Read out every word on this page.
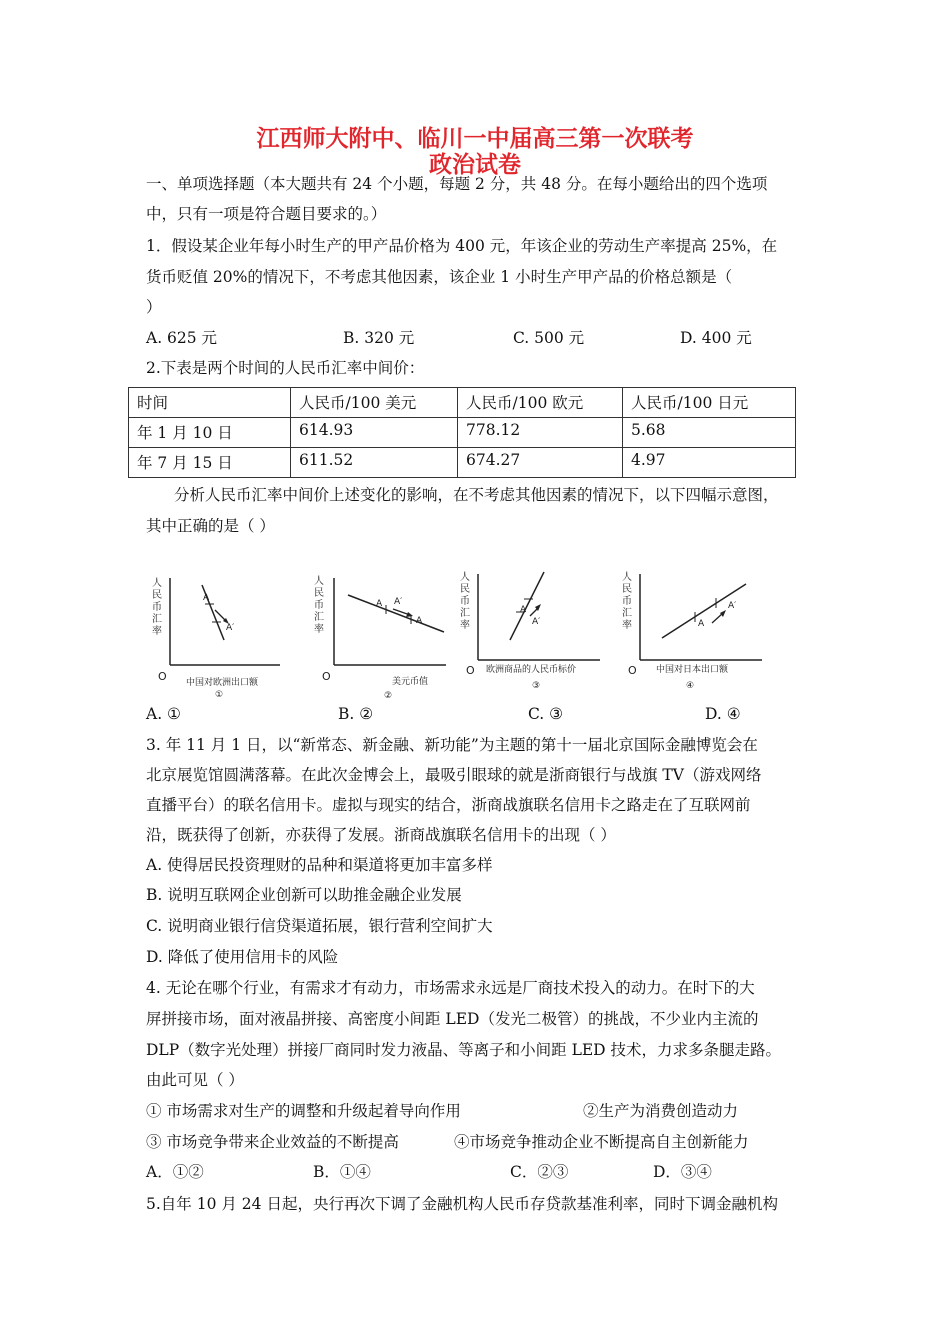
江西师大附中、临川一中届高三第一次联考
政治试卷
一、单项选择题（本大题共有 24 个小题，每题 2 分，共 48 分。在每小题给出的四个选项
中，只有一项是符合题目要求的。）
1．假设某企业年每小时生产的甲产品价格为 400 元，年该企业的劳动生产率提高 25%，在
货币贬值 20%的情况下，不考虑其他因素，该企业 1 小时生产甲产品的价格总额是（
）
A. 625 元	B. 320 元	C. 500 元	D. 400 元
2.下表是两个时间的人民币汇率中间价：
时间	人民币/100 美元	人民币/100 欧元	人民币/100 日元
年 1 月 10 日	614.93	778.12	5.68
年 7 月 15 日	611.52	674.27	4.97
分析人民币汇率中间价上述变化的影响，在不考虑其他因素的情况下，以下四幅示意图，
其中正确的是（ ）
人
民
币
汇
率
O
A
A′
中国对欧洲出口额
①
人
民
币
汇
率
O
A A′
A
美元币值
②
人
民
币
汇
率
O
A
A′
欧洲商品的人民币标价
③
人
民
币
汇
率
O
A
A′
中国对日本出口额
④
A. ①	B. ②	C. ③	D. ④
3. 年 11 月 1 日，以“新常态、新金融、新功能”为主题的第十一届北京国际金融博览会在
北京展览馆圆满落幕。在此次金博会上，最吸引眼球的就是浙商银行与战旗 TV（游戏网络
直播平台）的联名信用卡。虚拟与现实的结合，浙商战旗联名信用卡之路走在了互联网前
沿，既获得了创新，亦获得了发展。浙商战旗联名信用卡的出现（ ）
A. 使得居民投资理财的品种和渠道将更加丰富多样
B. 说明互联网企业创新可以助推金融企业发展
C. 说明商业银行信贷渠道拓展，银行营利空间扩大
D. 降低了使用信用卡的风险
4. 无论在哪个行业，有需求才有动力，市场需求永远是厂商技术投入的动力。在时下的大
屏拼接市场，面对液晶拼接、高密度小间距 LED（发光二极管）的挑战，不少业内主流的
DLP（数字光处理）拼接厂商同时发力液晶、等离子和小间距 LED 技术，力求多条腿走路。
由此可见（ ）
① 市场需求对生产的调整和升级起着导向作用	②生产为消费创造动力
③ 市场竞争带来企业效益的不断提高	④市场竞争推动企业不断提高自主创新能力
A．①②	B．①④	C．②③	D．③④
5.自年 10 月 24 日起，央行再次下调了金融机构人民币存贷款基准利率，同时下调金融机构
